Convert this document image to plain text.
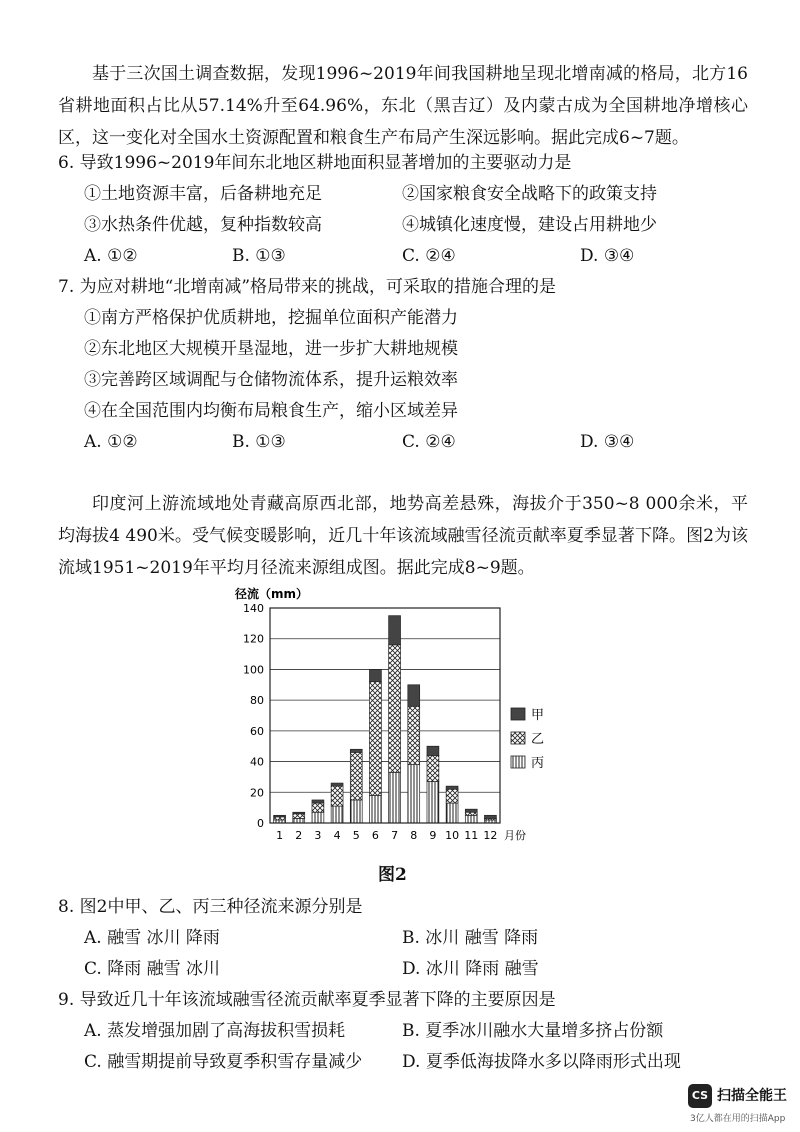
基于三次国土调查数据，发现1996~2019年间我国耕地呈现北增南减的格局，北方16省耕地面积占比从57.14%升至64.96%，东北（黑吉辽）及内蒙古成为全国耕地净增核心区，这一变化对全国水土资源配置和粮食生产布局产生深远影响。据此完成6~7题。
6. 导致1996~2019年间东北地区耕地面积显著增加的主要驱动力是
①土地资源丰富，后备耕地充足	②国家粮食安全战略下的政策支持
③水热条件优越，复种指数较高	④城镇化速度慢，建设占用耕地少
A. ①②	B. ①③	C. ②④	D. ③④
7. 为应对耕地“北增南减”格局带来的挑战，可采取的措施合理的是
①南方严格保护优质耕地，挖掘单位面积产能潜力
②东北地区大规模开垦湿地，进一步扩大耕地规模
③完善跨区域调配与仓储物流体系，提升运粮效率
④在全国范围内均衡布局粮食生产，缩小区域差异
A. ①②	B. ①③	C. ②④	D. ③④
印度河上游流域地处青藏高原西北部，地势高差悬殊，海拔介于350~8 000余米，平均海拔4 490米。受气候变暖影响，近几十年该流域融雪径流贡献率夏季显著下降。图2为该流域1951~2019年平均月径流来源组成图。据此完成8~9题。
0
20
40
60
80
100
120
140
径流（mm）
1 2 3 4 5 6 7 8 9 10 11 12 月份
甲
乙
丙
图2
8. 图2中甲、乙、丙三种径流来源分别是
A. 融雪 冰川 降雨	B. 冰川 融雪 降雨
C. 降雨 融雪 冰川	D. 冰川 降雨 融雪
9. 导致近几十年该流域融雪径流贡献率夏季显著下降的主要原因是
A. 蒸发增强加剧了高海拔积雪损耗	B. 夏季冰川融水大量增多挤占份额
C. 融雪期提前导致夏季积雪存量减少 D. 夏季低海拔降水多以降雨形式出现
CS 扫描全能王
3亿人都在用的扫描App
